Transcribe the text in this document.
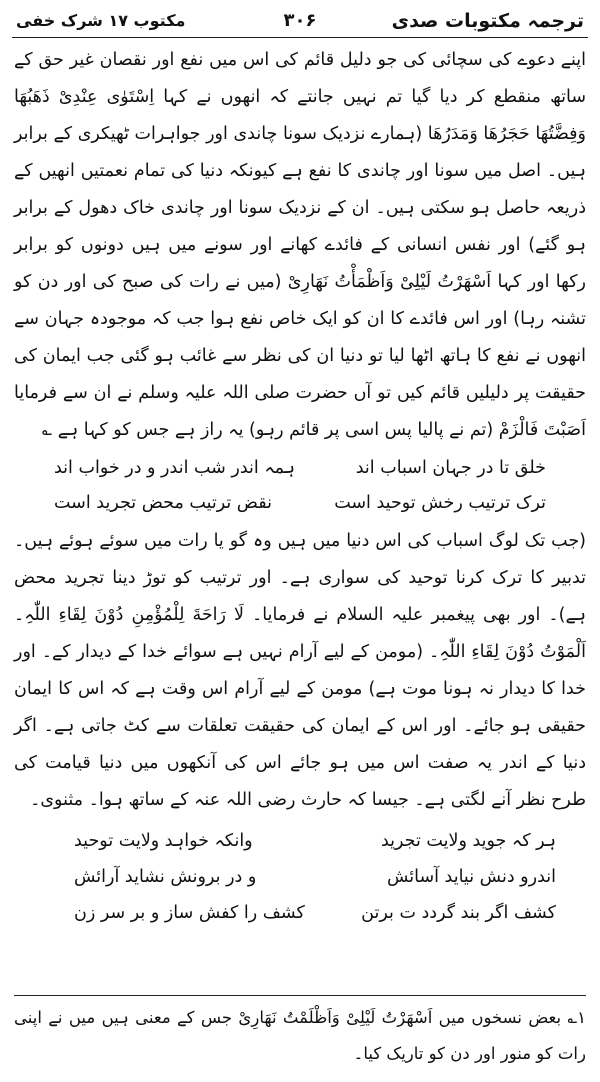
ترجمہ مکتوبات صدی
۳۰۶
مکتوب ۱۷ شرک خفی

اپنے دعوے کی سچائی کی جو دلیل قائم کی اس میں نفع اور نقصان غیر حق کے ساتھ منقطع کر دیا گیا تم نہیں جانتے کہ انھوں نے کہا اِسْتَوٰی عِنْدِیْ ذَھَبُھَا وَفِضَّتُھَا حَجَرُھَا وَمَدَرُھَا (ہمارے نزدیک سونا چاندی اور جواہرات ٹھیکری کے برابر ہیں۔ اصل میں سونا اور چاندی کا نفع ہے کیونکہ دنیا کی تمام نعمتیں انھیں کے ذریعہ حاصل ہو سکتی ہیں۔ ان کے نزدیک سونا اور چاندی خاک دھول کے برابر ہو گئے) اور نفس انسانی کے فائدے کھانے اور سونے میں ہیں دونوں کو برابر رکھا اور کہا اَسْھَرْتُ لَیْلِیْ وَاَظْمَأْتُ نَھَارِیْ (میں نے رات کی صبح کی اور دن کو تشنہ رہا) اور اس فائدے کا ان کو ایک خاص نفع ہوا جب کہ موجودہ جہان سے انھوں نے نفع کا ہاتھ اٹھا لیا تو دنیا ان کی نظر سے غائب ہو گئی جب ایمان کی حقیقت پر دلیلیں قائم کیں تو آں حضرت صلی اللہ علیہ وسلم نے ان سے فرمایا اَصَبْتَ فَالْزَمْ (تم نے پالیا پس اسی پر قائم رہو) یہ راز ہے جس کو کہا ہے ؎

خلق تا در جہان اسباب اند
ہمہ اندر شب اندر و در خواب اند
ترک ترتیب رخش توحید است
نقض ترتیب محض تجرید است

(جب تک لوگ اسباب کی اس دنیا میں ہیں وہ گو یا رات میں سوئے ہوئے ہیں۔ تدبیر کا ترک کرنا توحید کی سواری ہے۔ اور ترتیب کو توڑ دینا تجرید محض ہے)۔ اور بھی پیغمبر علیہ السلام نے فرمایا۔ لَا رَاحَةَ لِلْمُؤْمِنِ دُوْنَ لِقَاءِ اللّٰہِ۔ اَلْمَوْتُ دُوْنَ لِقَاءِ اللّٰہِ۔ (مومن کے لیے آرام نہیں ہے سوائے خدا کے دیدار کے۔ اور خدا کا دیدار نہ ہونا موت ہے) مومن کے لیے آرام اس وقت ہے کہ اس کا ایمان حقیقی ہو جائے۔ اور اس کے ایمان کی حقیقت تعلقات سے کٹ جاتی ہے۔ اگر دنیا کے اندر یہ صفت اس میں ہو جائے اس کی آنکھوں میں دنیا قیامت کی طرح نظر آنے لگتی ہے۔ جیسا کہ حارث رضی اللہ عنہ کے ساتھ ہوا۔ مثنوی۔

ہر کہ جوید ولایت تجرید
وانکہ خواہد ولایت توحید
اندرو دنش نیاید آسائش
و در برونش نشاید آرائش
کشف اگر بند گردد ت برتن
کشف را کفش ساز و بر سر زن
۱؎ بعض نسخوں میں اَسْھَرْتُ لَیْلِیْ وَاَظْلَمْتُ نَھَارِیْ جس کے معنی ہیں میں نے اپنی رات کو منور اور دن کو تاریک کیا۔
